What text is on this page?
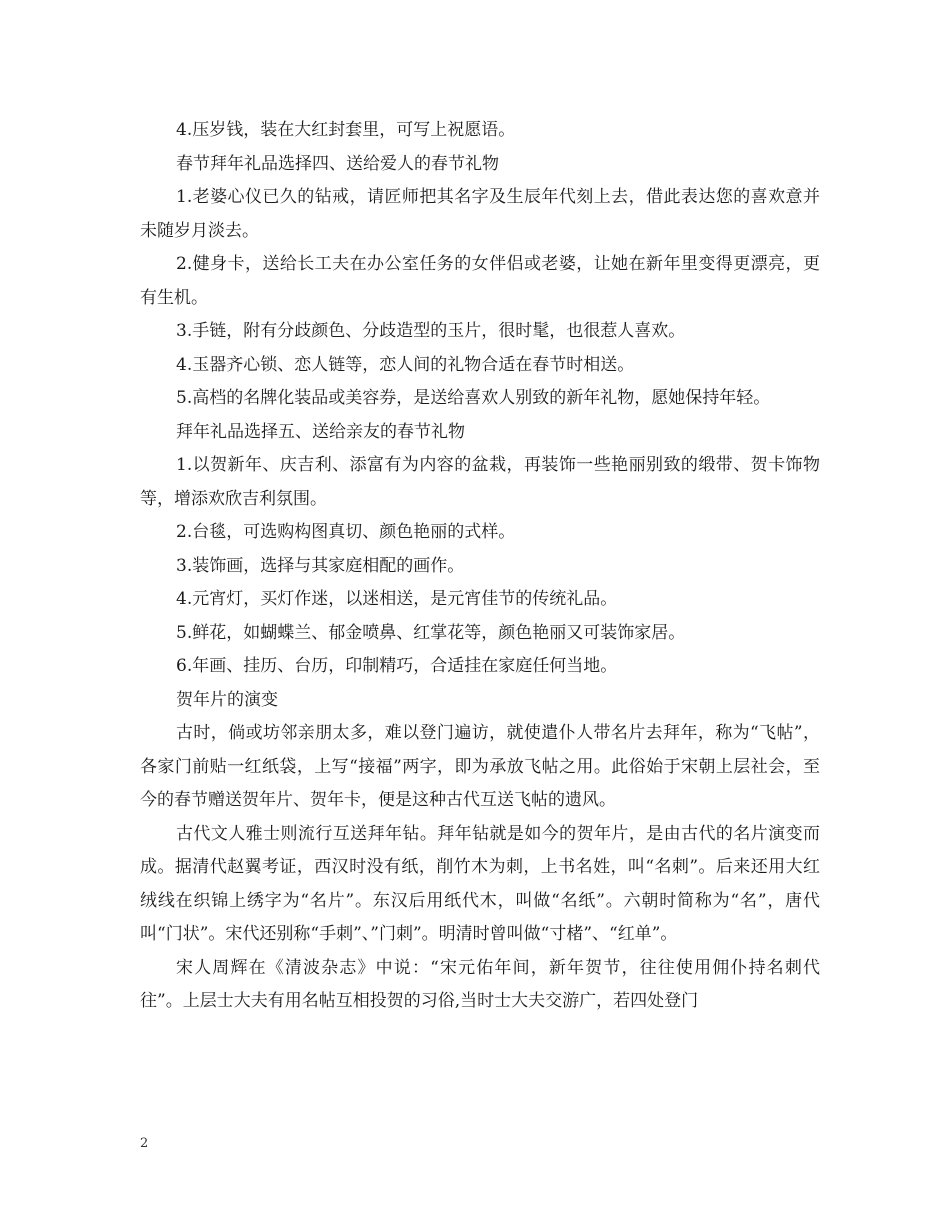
4.压岁钱，装在大红封套里，可写上祝愿语。

春节拜年礼品选择四、送给爱人的春节礼物

1.老婆心仪已久的钻戒，请匠师把其名字及生辰年代刻上去，借此表达您的喜欢意并未随岁月淡去。

2.健身卡，送给长工夫在办公室任务的女伴侣或老婆，让她在新年里变得更漂亮，更有生机。

3.手链，附有分歧颜色、分歧造型的玉片，很时髦，也很惹人喜欢。

4.玉器齐心锁、恋人链等，恋人间的礼物合适在春节时相送。

5.高档的名牌化装品或美容券，是送给喜欢人别致的新年礼物，愿她保持年轻。

拜年礼品选择五、送给亲友的春节礼物

1.以贺新年、庆吉利、添富有为内容的盆栽，再装饰一些艳丽别致的缎带、贺卡饰物等，增添欢欣吉利氛围。

2.台毯，可选购构图真切、颜色艳丽的式样。

3.装饰画，选择与其家庭相配的画作。

4.元宵灯，买灯作迷，以迷相送，是元宵佳节的传统礼品。

5.鲜花，如蝴蝶兰、郁金喷鼻、红掌花等，颜色艳丽又可装饰家居。

6.年画、挂历、台历，印制精巧，合适挂在家庭任何当地。

贺年片的演变

古时，倘或坊邻亲朋太多，难以登门遍访，就使遣仆人带名片去拜年，称为“飞帖”，各家门前贴一红纸袋，上写“接福”两字，即为承放飞帖之用。此俗始于宋朝上层社会，至今的春节赠送贺年片、贺年卡，便是这种古代互送飞帖的遗风。

古代文人雅士则流行互送拜年钻。拜年钻就是如今的贺年片，是由古代的名片演变而成。据清代赵翼考证，西汉时没有纸，削竹木为刺，上书名姓，叫“名刺”。后来还用大红绒线在织锦上绣字为“名片”。东汉后用纸代木，叫做“名纸”。六朝时简称为“名”，唐代叫“门状”。宋代还别称“手刺”、”门刺”。明清时曾叫做“寸楮”、“红单”。

宋人周辉在《清波杂志》中说：“宋元佑年间，新年贺节，往往使用佣仆持名刺代往”。上层士大夫有用名帖互相投贺的习俗,当时士大夫交游广，若四处登门

2
